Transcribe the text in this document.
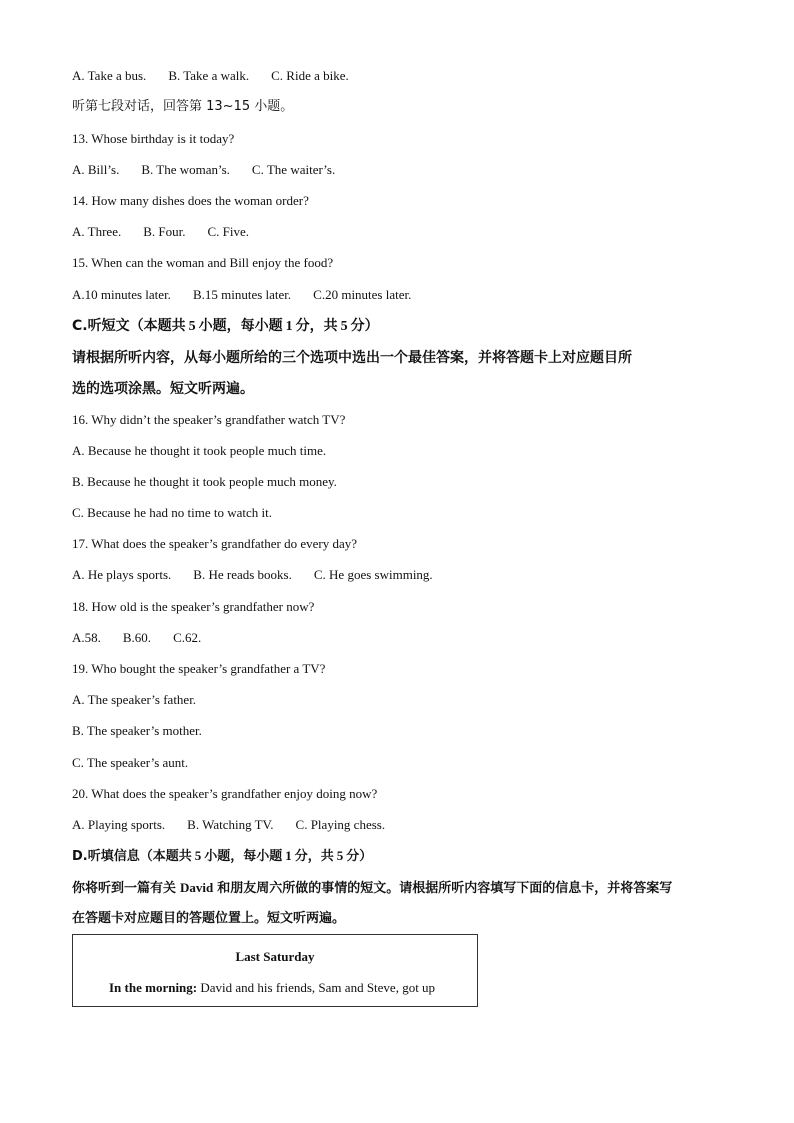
A. Take a bus. B. Take a walk. C. Ride a bike.
听第七段对话，回答第 13~15 小题。
13. Whose birthday is it today?
A. Bill’s. B. The woman’s. C. The waiter’s.
14. How many dishes does the woman order?
A. Three. B. Four. C. Five.
15. When can the woman and Bill enjoy the food?
A.10 minutes later. B.15 minutes later. C.20 minutes later.
C.听短文（本题共 5 小题，每小题 1 分，共 5 分）
请根据所听内容，从每小题所给的三个选项中选出一个最佳答案，并将答题卡上对应题目所
选的选项涂黑。短文听两遍。
16. Why didn’t the speaker’s grandfather watch TV?
A. Because he thought it took people much time.
B. Because he thought it took people much money.
C. Because he had no time to watch it.
17. What does the speaker’s grandfather do every day?
A. He plays sports. B. He reads books. C. He goes swimming.
18. How old is the speaker’s grandfather now?
A.58. B.60. C.62.
19. Who bought the speaker’s grandfather a TV?
A. The speaker’s father.
B. The speaker’s mother.
C. The speaker’s aunt.
20. What does the speaker’s grandfather enjoy doing now?
A. Playing sports. B. Watching TV. C. Playing chess.
D.听填信息（本题共 5 小题，每小题 1 分，共 5 分）
你将听到一篇有关 David 和朋友周六所做的事情的短文。请根据所听内容填写下面的信息卡，并将答案写
在答题卡对应题目的答题位置上。短文听两遍。
Last Saturday
In the morning: David and his friends, Sam and Steve, got up
